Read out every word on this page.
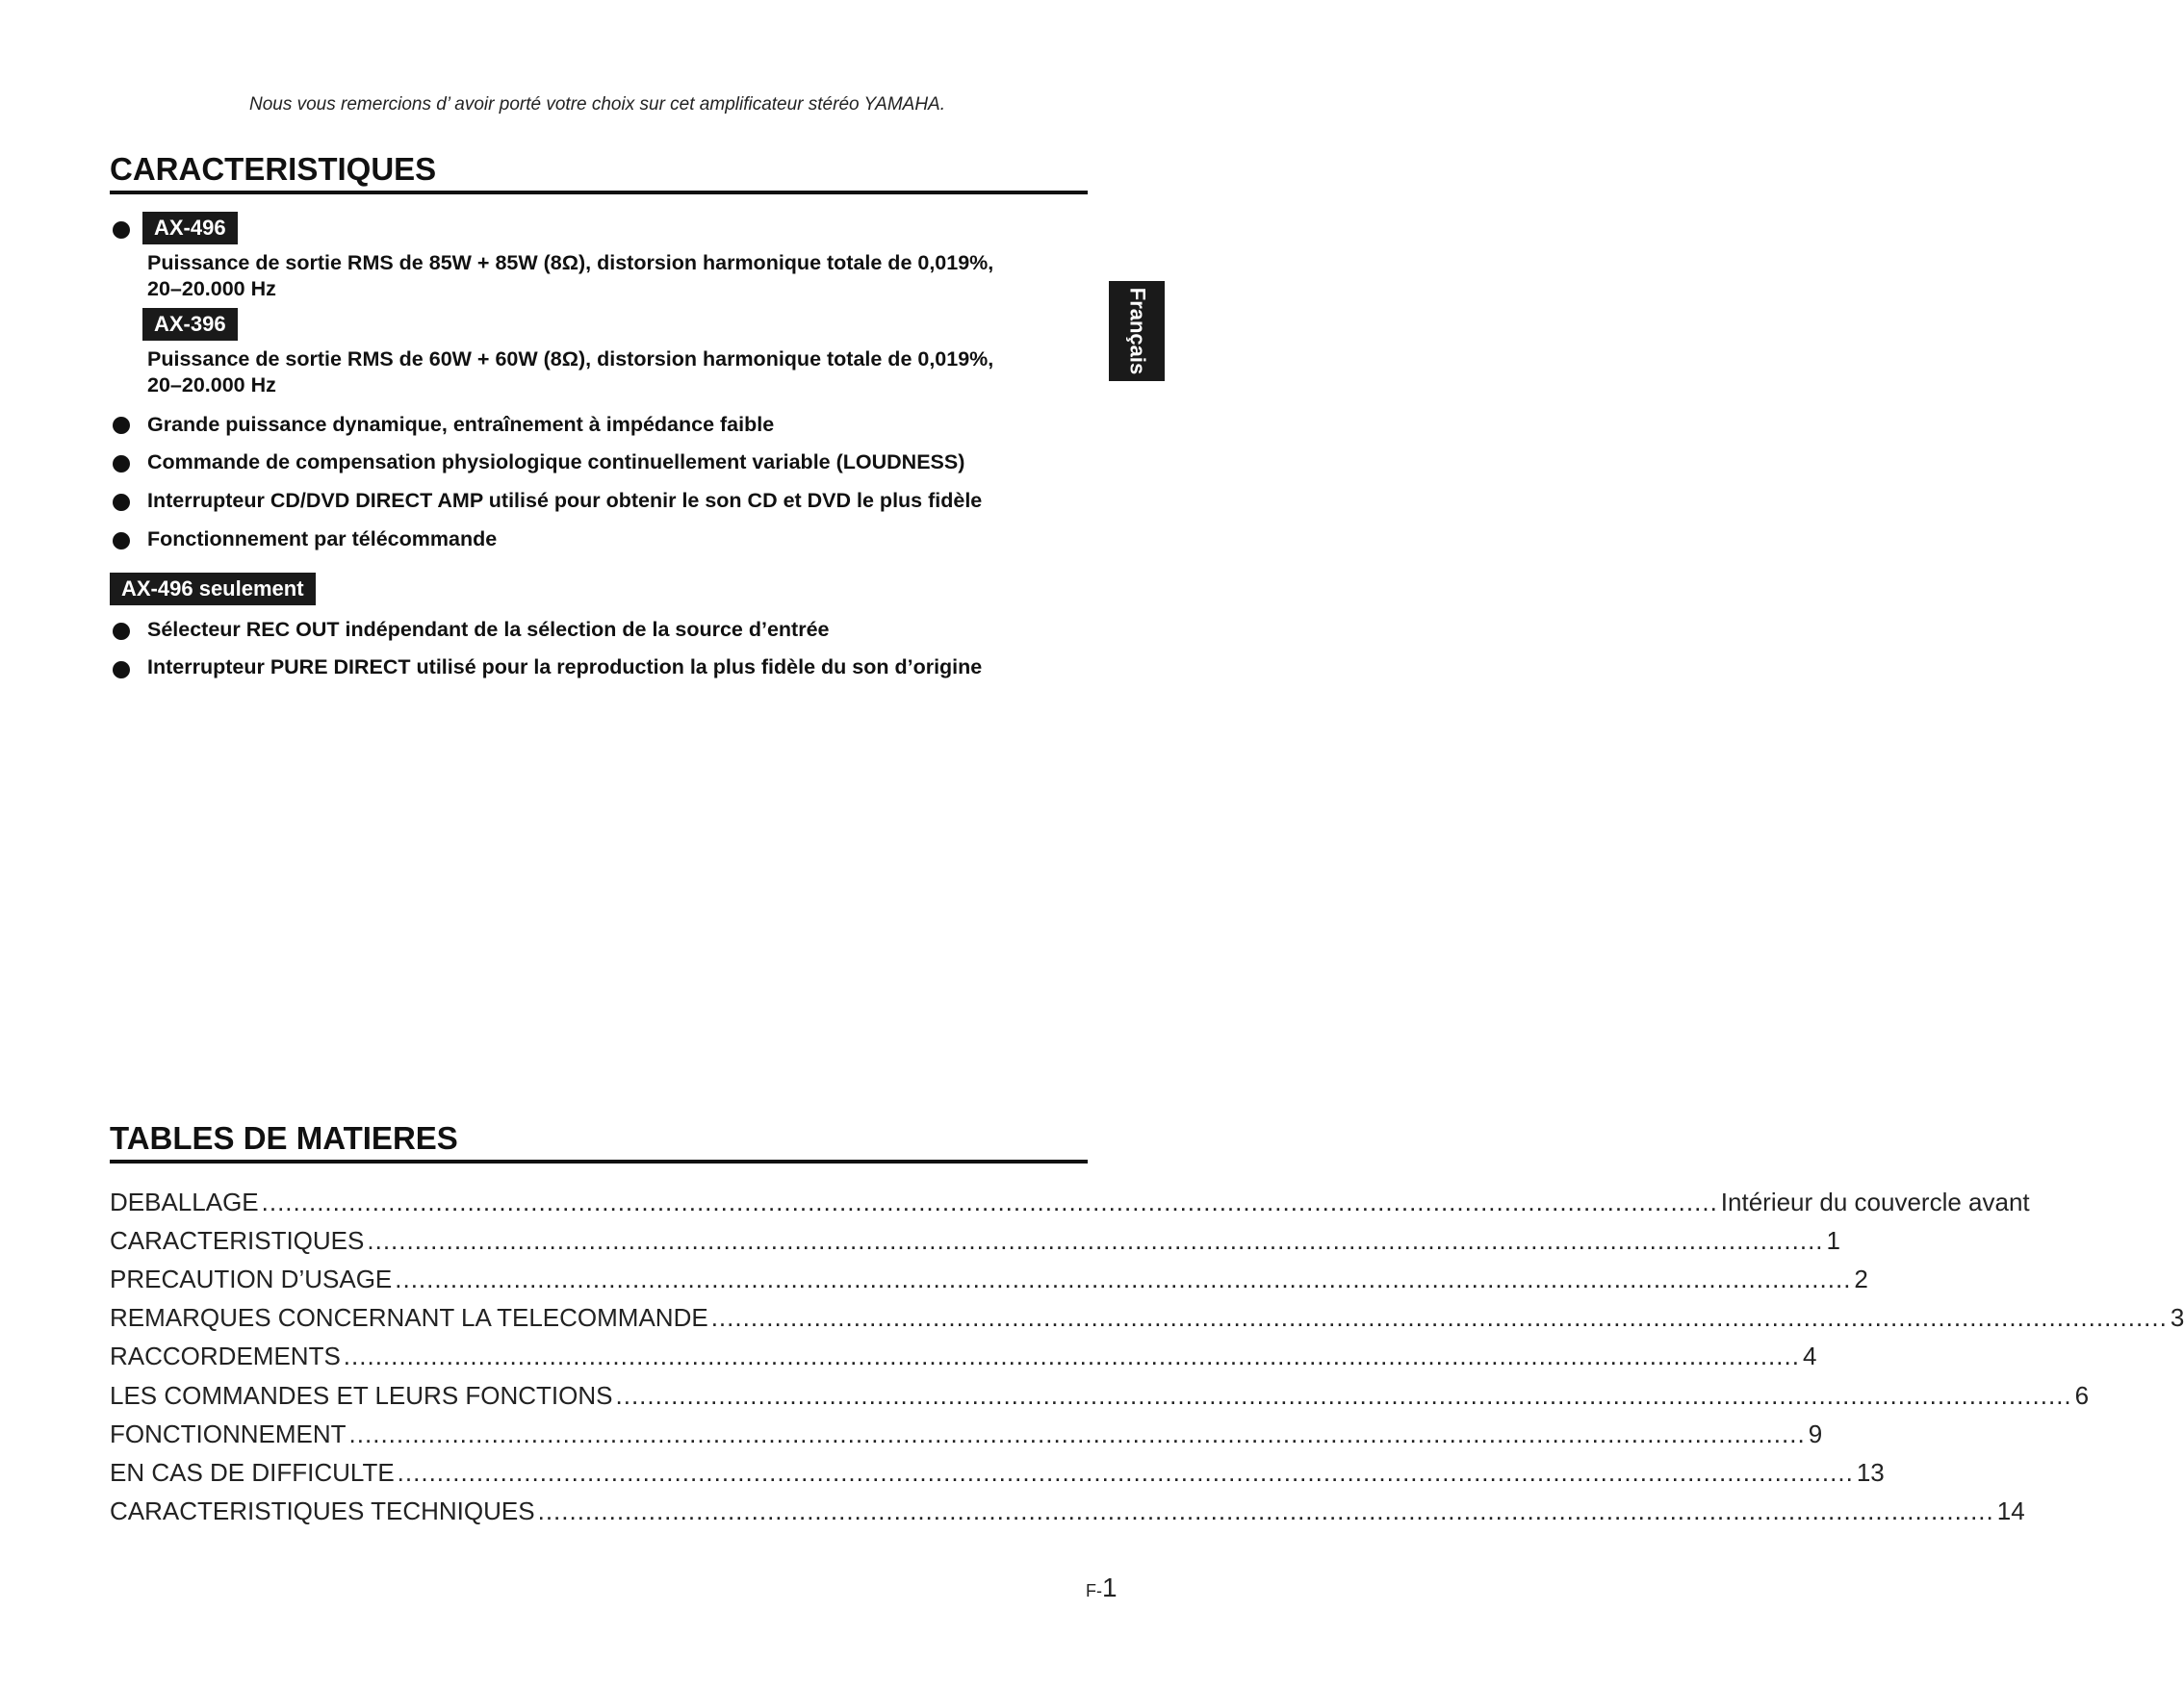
Nous vous remercions d’ avoir porté votre choix sur cet amplificateur stéréo YAMAHA.
CARACTERISTIQUES
Français
AX-496
Puissance de sortie RMS de 85W + 85W (8Ω), distorsion harmonique totale de 0,019%,
20–20.000 Hz
AX-396
Puissance de sortie RMS de 60W + 60W (8Ω), distorsion harmonique totale de 0,019%,
20–20.000 Hz
Grande puissance dynamique, entraînement à impédance faible
Commande de compensation physiologique continuellement variable (LOUDNESS)
Interrupteur CD/DVD DIRECT AMP utilisé pour obtenir le son CD et DVD le plus fidèle
Fonctionnement par télécommande
AX-496 seulement
Sélecteur REC OUT indépendant de la sélection de la source d’entrée
Interrupteur PURE DIRECT utilisé pour la reproduction la plus fidèle du son d’origine
TABLES DE MATIERES
DEBALLAGE ........................................................................................................................................................................................ Intérieur du couvercle avant
CARACTERISTIQUES ........................................................................................................................................................................................ 1
PRECAUTION D’USAGE ........................................................................................................................................................................................ 2
REMARQUES CONCERNANT LA TELECOMMANDE ........................................................................................................................................................................................ 3
RACCORDEMENTS ........................................................................................................................................................................................ 4
LES COMMANDES ET LEURS FONCTIONS ........................................................................................................................................................................................ 6
FONCTIONNEMENT ........................................................................................................................................................................................ 9
EN CAS DE DIFFICULTE ........................................................................................................................................................................................ 13
CARACTERISTIQUES TECHNIQUES ........................................................................................................................................................................................ 14
F-1
